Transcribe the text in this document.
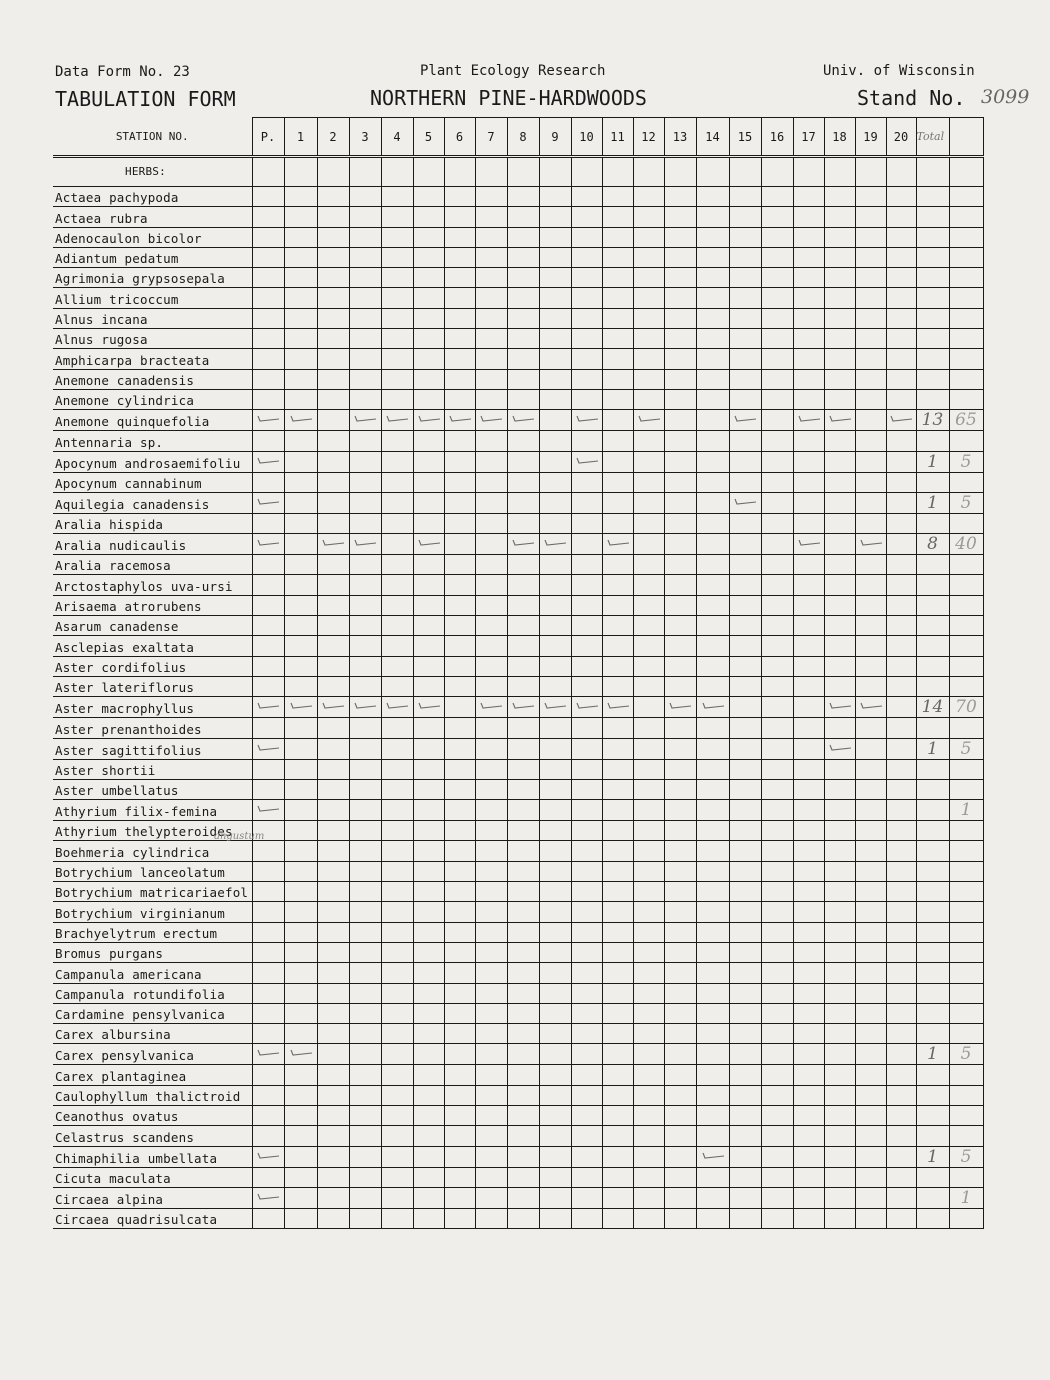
Data Form No. 23
TABULATION FORM
Plant Ecology Research
NORTHERN PINE-HARDWOODS
Univ. of Wisconsin
Stand No. 3099
STATION NO.	P.	1	2	3	4	5	6	7	8	9	10	11	12	13	14	15	16	17	18	19	20	Total	
HERBS:																							
Actaea pachypoda																							
Actaea rubra																							
Adenocaulon bicolor																							
Adiantum pedatum																							
Agrimonia grypsosepala																							
Allium tricoccum																							
Alnus incana																							
Alnus rugosa																							
Amphicarpa bracteata																							
Anemone canadensis																							
Anemone cylindrica																							
Anemone quinquefolia																						13	65
Antennaria sp.																							
Apocynum androsaemifoliu																						1	5
Apocynum cannabinum																							
Aquilegia canadensis																						1	5
Aralia hispida																							
Aralia nudicaulis																						8	40
Aralia racemosa																							
Arctostaphylos uva-ursi																							
Arisaema atrorubens																							
Asarum canadense																							
Asclepias exaltata																							
Aster cordifolius																							
Aster lateriflorus																							
Aster macrophyllus																						14	70
Aster prenanthoides																							
Aster sagittifolius																						1	5
Aster shortii																							
Aster umbellatus																							
Athyrium filix-femina																							1
Athyrium thelypteroides																							
Boehmeria cylindrica																							
Botrychium lanceolatum																							
Botrychium matricariaefol																							
Botrychium virginianum																							
Brachyelytrum erectum																							
Bromus purgans																							
Campanula americana																							
Campanula rotundifolia																							
Cardamine pensylvanica																							
Carex albursina																							
Carex pensylvanica																						1	5
Carex plantaginea																							
Caulophyllum thalictroid																							
Ceanothus ovatus																							
Celastrus scandens																							
Chimaphilia umbellata																						1	5
Cicuta maculata																							
Circaea alpina																							1
Circaea quadrisulcata																							
angustum
